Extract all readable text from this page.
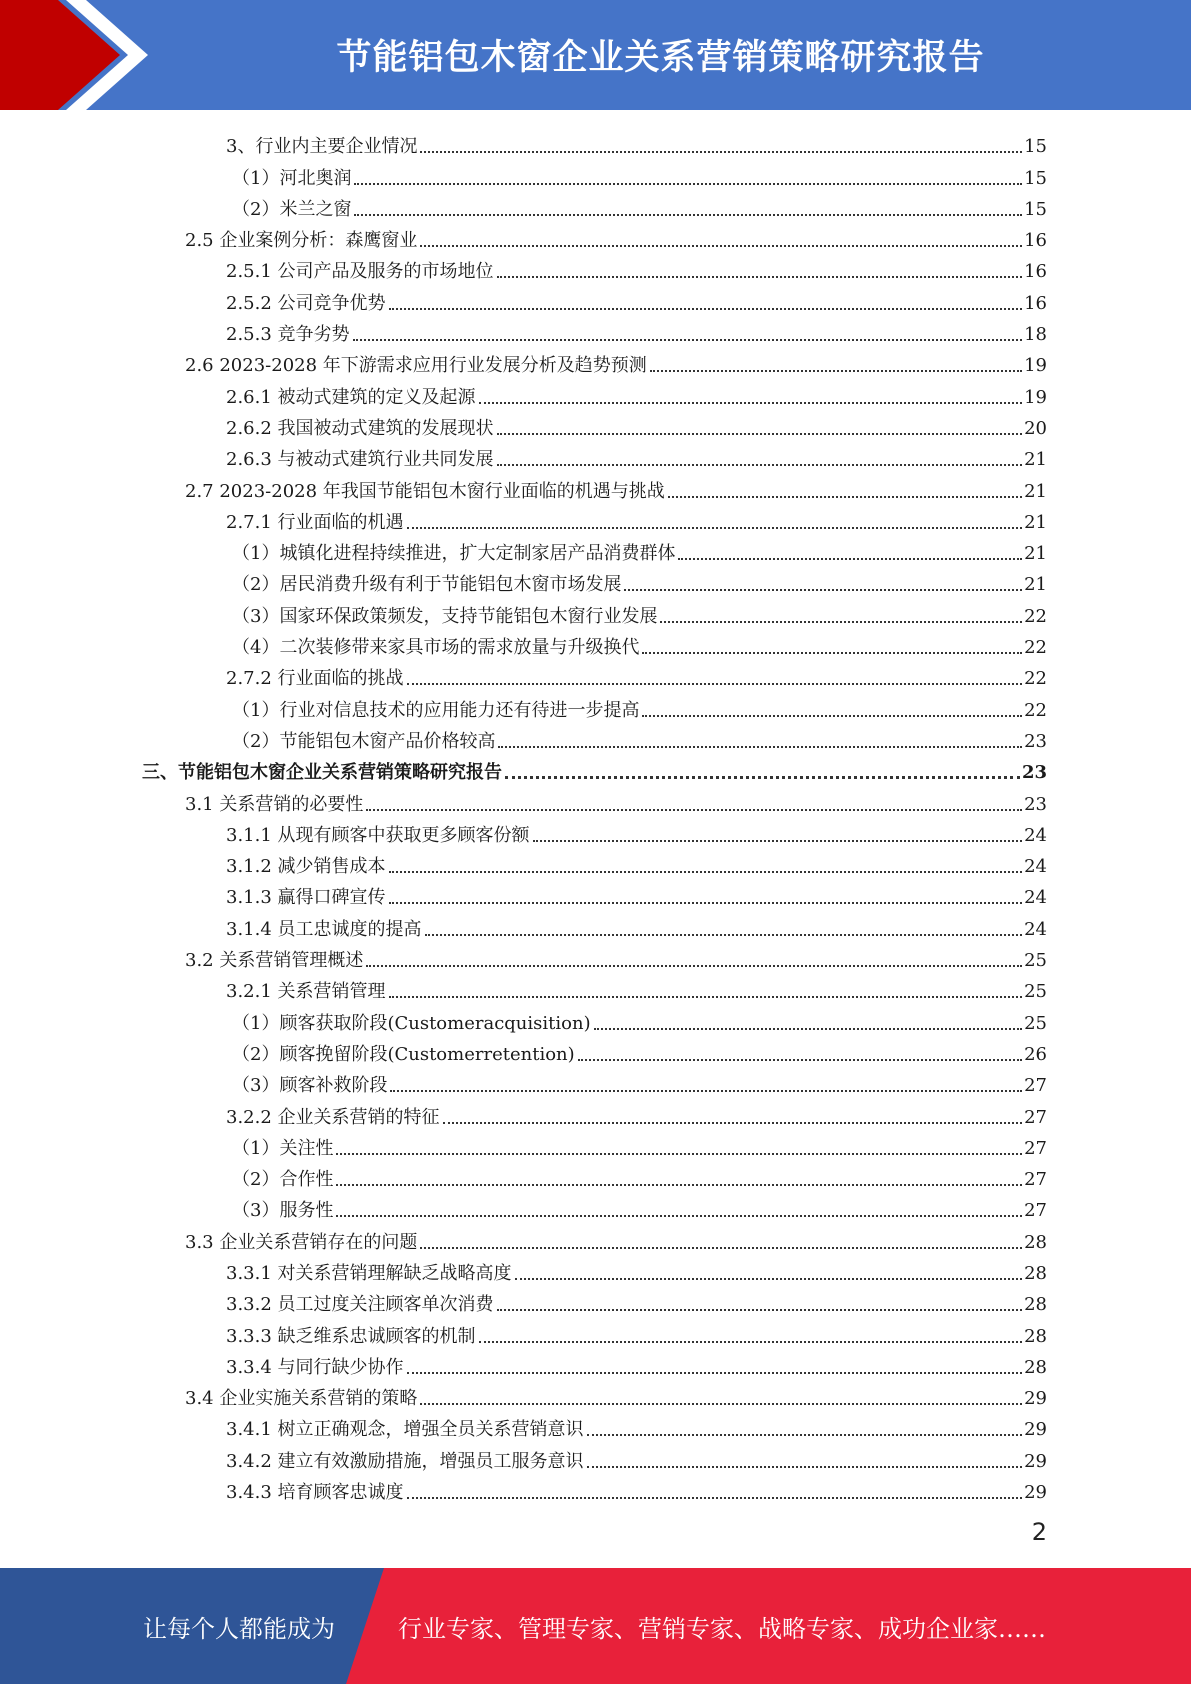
节能铝包木窗企业关系营销策略研究报告
3、行业内主要企业情况	15
（1）河北奥润	15
（2）米兰之窗	15
2.5 企业案例分析：森鹰窗业	16
2.5.1 公司产品及服务的市场地位	16
2.5.2 公司竞争优势	16
2.5.3 竞争劣势	18
2.6 2023-2028 年下游需求应用行业发展分析及趋势预测	19
2.6.1 被动式建筑的定义及起源	19
2.6.2 我国被动式建筑的发展现状	20
2.6.3 与被动式建筑行业共同发展	21
2.7 2023-2028 年我国节能铝包木窗行业面临的机遇与挑战	21
2.7.1 行业面临的机遇	21
（1）城镇化进程持续推进，扩大定制家居产品消费群体	21
（2）居民消费升级有利于节能铝包木窗市场发展	21
（3）国家环保政策频发，支持节能铝包木窗行业发展	22
（4）二次装修带来家具市场的需求放量与升级换代	22
2.7.2 行业面临的挑战	22
（1）行业对信息技术的应用能力还有待进一步提高	22
（2）节能铝包木窗产品价格较高	23
三、节能铝包木窗企业关系营销策略研究报告	23
3.1 关系营销的必要性	23
3.1.1 从现有顾客中获取更多顾客份额	24
3.1.2 减少销售成本	24
3.1.3 赢得口碑宣传	24
3.1.4 员工忠诚度的提高	24
3.2 关系营销管理概述	25
3.2.1 关系营销管理	25
（1）顾客获取阶段(Customeracquisition)	25
（2）顾客挽留阶段(Customerretention)	26
（3）顾客补救阶段	27
3.2.2 企业关系营销的特征	27
（1）关注性	27
（2）合作性	27
（3）服务性	27
3.3 企业关系营销存在的问题	28
3.3.1 对关系营销理解缺乏战略高度	28
3.3.2 员工过度关注顾客单次消费	28
3.3.3 缺乏维系忠诚顾客的机制	28
3.3.4 与同行缺少协作	28
3.4 企业实施关系营销的策略	29
3.4.1 树立正确观念，增强全员关系营销意识	29
3.4.2 建立有效激励措施，增强员工服务意识	29
3.4.3 培育顾客忠诚度	29
2
让每个人都能成为	行业专家、管理专家、营销专家、战略专家、成功企业家……
